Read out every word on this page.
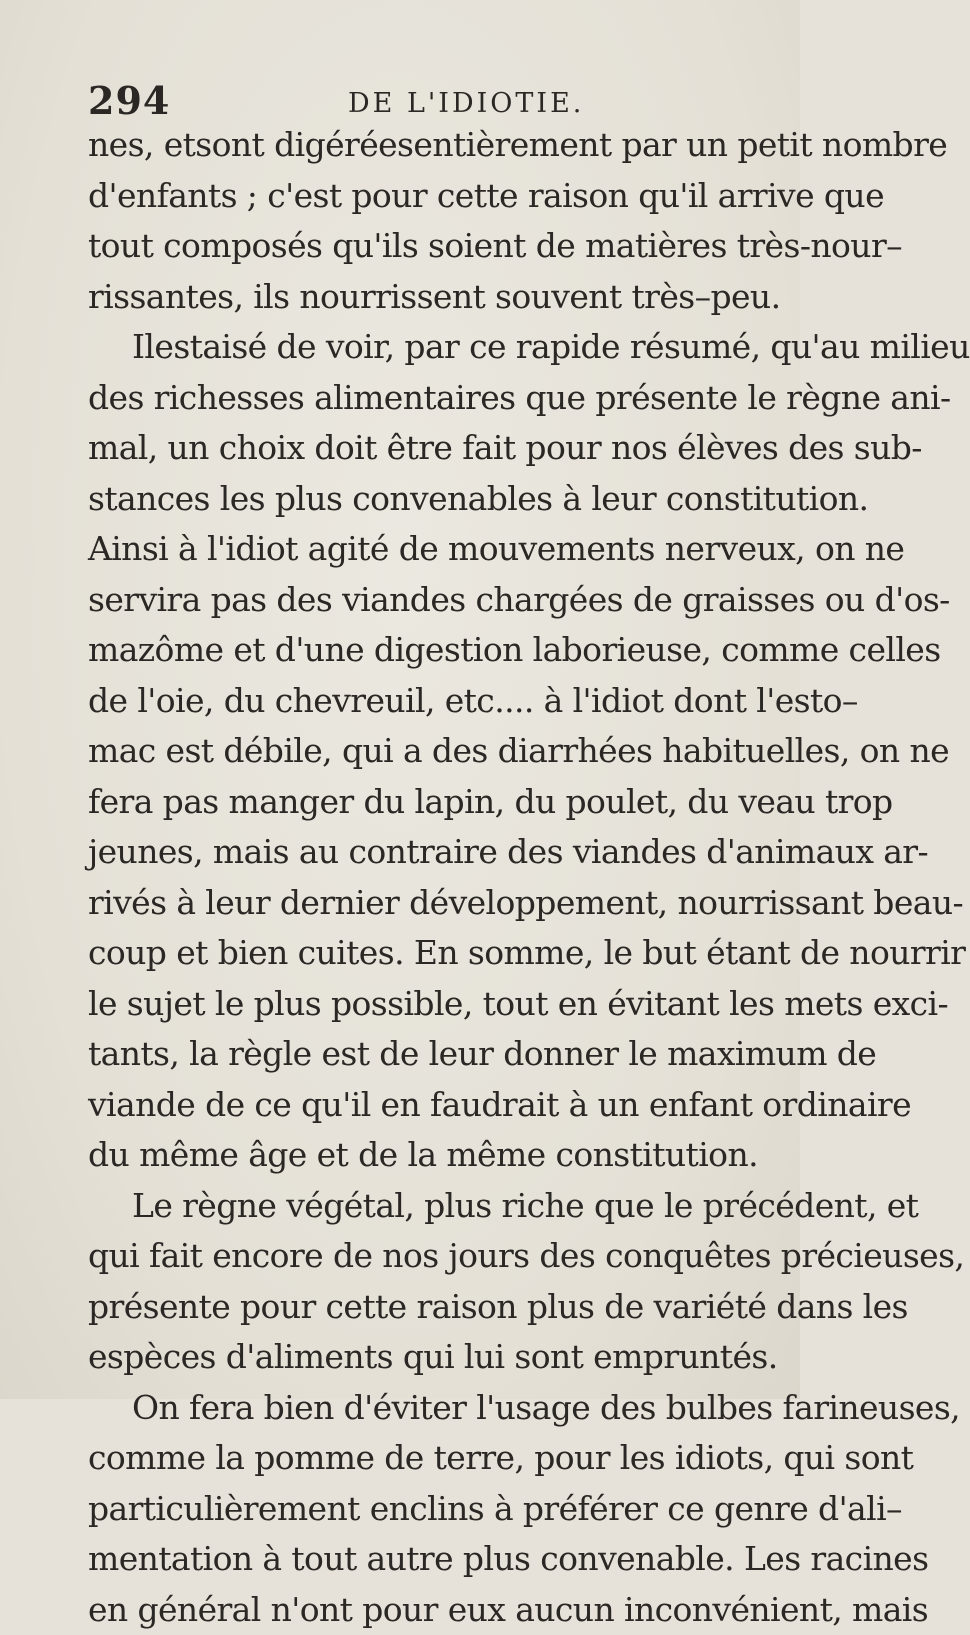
294	DE L'IDIOTIE.
nes, etsont digéréesentièrement par un petit nombre
d'enfants ; c'est pour cette raison qu'il arrive que
tout composés qu'ils soient de matières très-nour–
rissantes, ils nourrissent souvent très–peu.
Ilestaisé de voir, par ce rapide résumé, qu'au milieu
des richesses alimentaires que présente le règne ani-
mal, un choix doit être fait pour nos élèves des sub-
stances les plus convenables à leur constitution.
Ainsi à l'idiot agité de mouvements nerveux, on ne
servira pas des viandes chargées de graisses ou d'os-
mazôme et d'une digestion laborieuse, comme celles
de l'oie, du chevreuil, etc.... à l'idiot dont l'esto–
mac est débile, qui a des diarrhées habituelles, on ne
fera pas manger du lapin, du poulet, du veau trop
jeunes, mais au contraire des viandes d'animaux ar-
rivés à leur dernier développement, nourrissant beau-
coup et bien cuites. En somme, le but étant de nourrir
le sujet le plus possible, tout en évitant les mets exci-
tants, la règle est de leur donner le maximum de
viande de ce qu'il en faudrait à un enfant ordinaire
du même âge et de la même constitution.
Le règne végétal, plus riche que le précédent, et
qui fait encore de nos jours des conquêtes précieuses,
présente pour cette raison plus de variété dans les
espèces d'aliments qui lui sont empruntés.
On fera bien d'éviter l'usage des bulbes farineuses,
comme la pomme de terre, pour les idiots, qui sont
particulièrement enclins à préférer ce genre d'ali–
mentation à tout autre plus convenable. Les racines
en général n'ont pour eux aucun inconvénient, mais
